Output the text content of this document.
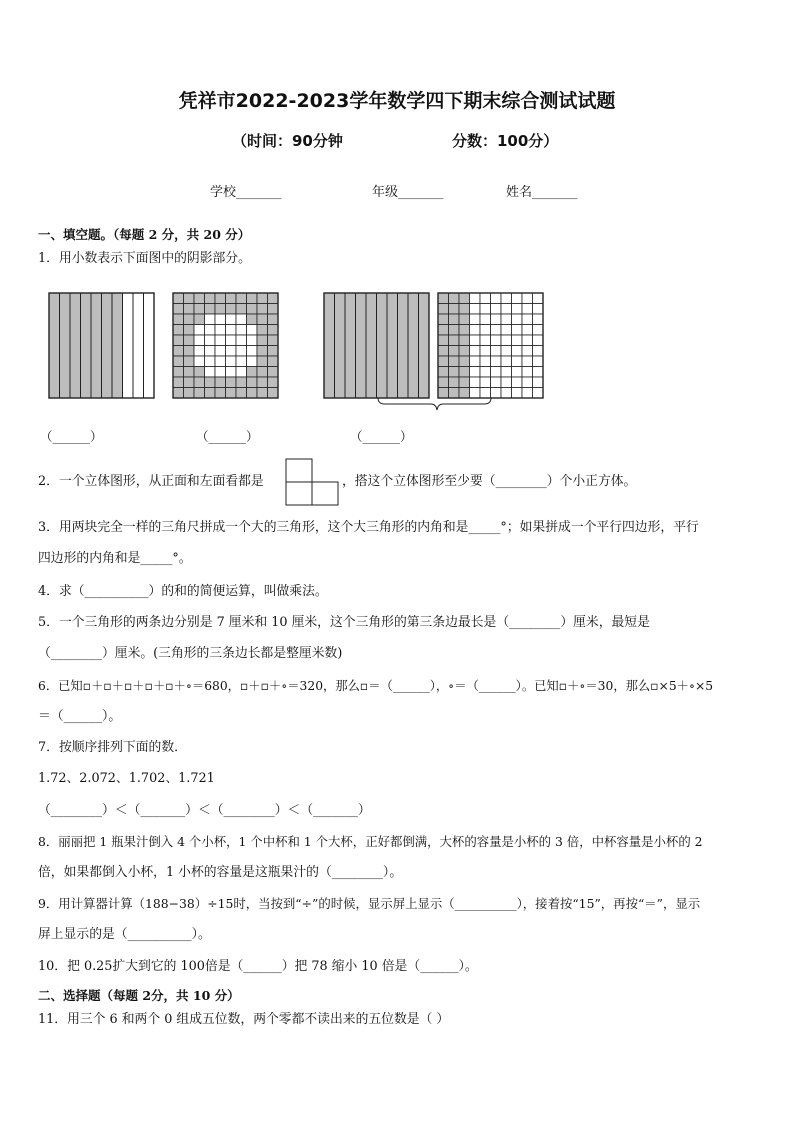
凭祥市2022-2023学年数学四下期末综合测试试题
（时间：90分钟	分数：100分）
学校_______	年级_______	姓名_______
一、填空题。（每题 2 分，共 20 分）
1．用小数表示下面图中的阴影部分。
（______）	（______）	（______）
2．一个立体图形，从正面和左面看都是	，搭这个立体图形至少要（________）个小正方体。
3．用两块完全一样的三角尺拼成一个大的三角形，这个大三角形的内角和是_____°；如果拼成一个平行四边形，平行
四边形的内角和是_____°。
4．求（__________）的和的简便运算，叫做乘法。
5．一个三角形的两条边分别是 7 厘米和 10 厘米，这个三角形的第三条边最长是（________）厘米，最短是
（________）厘米。(三角形的三条边长都是整厘米数)
6．已知▫＋▫＋▫＋▫＋▫＋∘＝680，▫＋▫＋∘＝320，那么▫＝（______），∘＝（______）。已知▫＋∘＝30，那么▫×5＋∘×5
＝（______）。
7．按顺序排列下面的数．
1.72、2.072、1.702、1.721
（________）＜（_______）＜（________）＜（_______）
8．丽丽把 1 瓶果汁倒入 4 个小杯，1 个中杯和 1 个大杯，正好都倒满，大杯的容量是小杯的 3 倍，中杯容量是小杯的 2
倍，如果都倒入小杯，1 小杯的容量是这瓶果汁的（________）。
9．用计算器计算（188−38）÷15时，当按到“÷”的时候，显示屏上显示（__________），接着按“15”，再按“＝”，显示
屏上显示的是（__________）。
10．把 0.25扩大到它的 100倍是（______）把 78 缩小 10 倍是（______）。
二、选择题（每题 2分，共 10 分）
11．用三个 6 和两个 0 组成五位数，两个零都不读出来的五位数是（ ）
